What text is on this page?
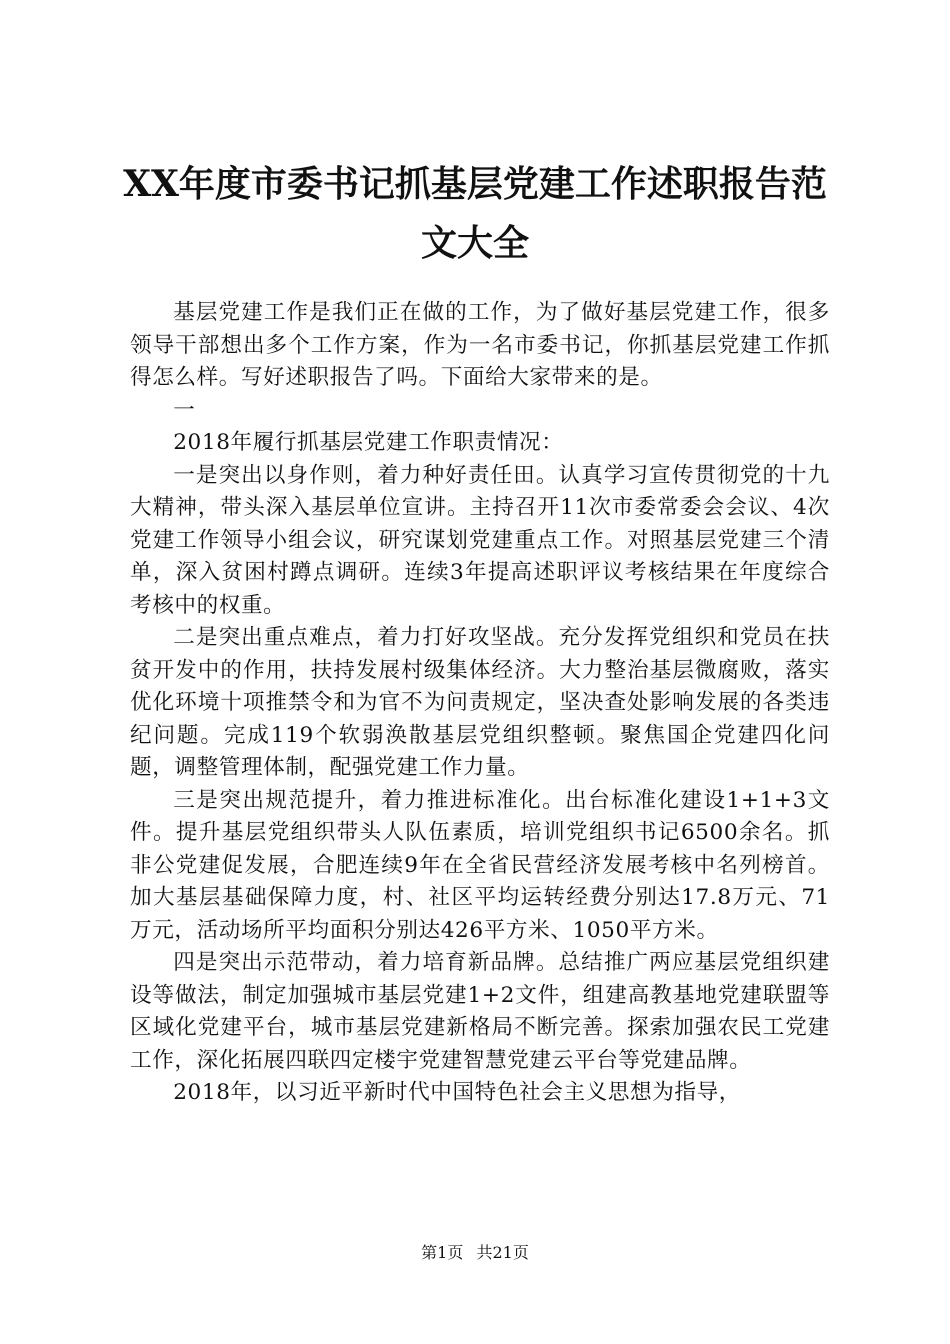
XX年度市委书记抓基层党建工作述职报告范
文大全

基层党建工作是我们正在做的工作，为了做好基层党建工作，很多领导干部想出多个工作方案，作为一名市委书记，你抓基层党建工作抓得怎么样。写好述职报告了吗。下面给大家带来的是。

一

2018年履行抓基层党建工作职责情况：

一是突出以身作则，着力种好责任田。认真学习宣传贯彻党的十九大精神，带头深入基层单位宣讲。主持召开11次市委常委会会议、4次党建工作领导小组会议，研究谋划党建重点工作。对照基层党建三个清单，深入贫困村蹲点调研。连续3年提高述职评议考核结果在年度综合考核中的权重。

二是突出重点难点，着力打好攻坚战。充分发挥党组织和党员在扶贫开发中的作用，扶持发展村级集体经济。大力整治基层微腐败，落实优化环境十项推禁令和为官不为问责规定，坚决查处影响发展的各类违纪问题。完成119个软弱涣散基层党组织整顿。聚焦国企党建四化问题，调整管理体制，配强党建工作力量。

三是突出规范提升，着力推进标准化。出台标准化建设1+1+3文件。提升基层党组织带头人队伍素质，培训党组织书记6500余名。抓非公党建促发展，合肥连续9年在全省民营经济发展考核中名列榜首。加大基层基础保障力度，村、社区平均运转经费分别达17.8万元、71万元，活动场所平均面积分别达426平方米、1050平方米。

四是突出示范带动，着力培育新品牌。总结推广两应基层党组织建设等做法，制定加强城市基层党建1+2文件，组建高教基地党建联盟等区域化党建平台，城市基层党建新格局不断完善。探索加强农民工党建工作，深化拓展四联四定楼宇党建智慧党建云平台等党建品牌。

2018年，以习近平新时代中国特色社会主义思想为指导，

第1页 共21页
